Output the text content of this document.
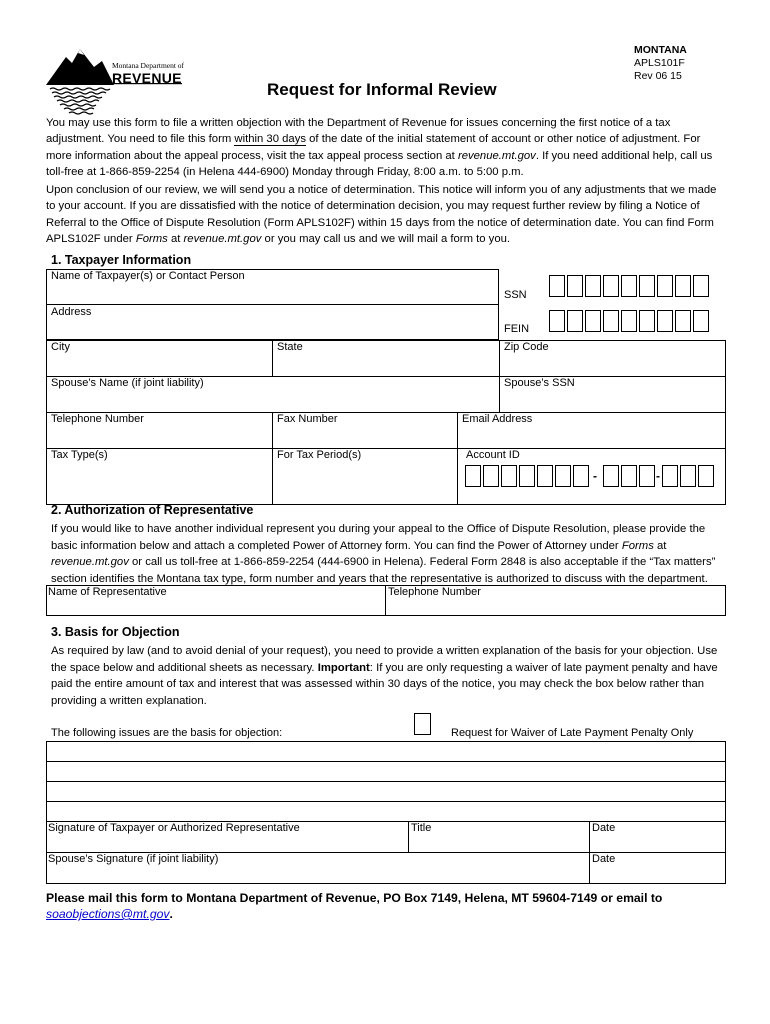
Montana Department of
REVENUE
MONTANA
APLS101F
Rev 06 15
Request for Informal Review
You may use this form to file a written objection with the Department of Revenue for issues concerning the first notice of a tax adjustment. You need to file this form within 30 days of the date of the initial statement of account or other notice of adjustment. For more information about the appeal process, visit the tax appeal process section at revenue.mt.gov. If you need additional help, call us toll-free at 1-866-859-2254 (in Helena 444-6900) Monday through Friday, 8:00 a.m. to 5:00 p.m.
Upon conclusion of our review, we will send you a notice of determination. This notice will inform you of any adjustments that we made to your account. If you are dissatisfied with the notice of determination decision, you may request further review by filing a Notice of Referral to the Office of Dispute Resolution (Form APLS102F) within 15 days from the notice of determination date. You can find Form APLS102F under Forms at revenue.mt.gov or you may call us and we will mail a form to you.
1. Taxpayer Information
Name of Taxpayer(s) or Contact Person
Address
SSN
FEIN
City	State	Zip Code
Spouse’s Name (if joint liability)	Spouse’s SSN
Telephone Number	Fax Number	Email Address
Tax Type(s)	For Tax Period(s)	Account ID
-	-
2. Authorization of Representative
If you would like to have another individual represent you during your appeal to the Office of Dispute Resolution, please provide the basic information below and attach a completed Power of Attorney form. You can find the Power of Attorney under Forms at revenue.mt.gov or call us toll-free at 1-866-859-2254 (444-6900 in Helena). Federal Form 2848 is also acceptable if the “Tax matters” section identifies the Montana tax type, form number and years that the representative is authorized to discuss with the department.
Name of Representative	Telephone Number
3. Basis for Objection
As required by law (and to avoid denial of your request), you need to provide a written explanation of the basis for your objection. Use the space below and additional sheets as necessary. Important: If you are only requesting a waiver of late payment penalty and have paid the entire amount of tax and interest that was assessed within 30 days of the notice, you may check the box below rather than providing a written explanation.
The following issues are the basis for objection:	Request for Waiver of Late Payment Penalty Only
Signature of Taxpayer or Authorized Representative	Title	Date
Spouse’s Signature (if joint liability)	Date
Please mail this form to Montana Department of Revenue, PO Box 7149, Helena, MT 59604-7149 or email to
soaobjections@mt.gov.
